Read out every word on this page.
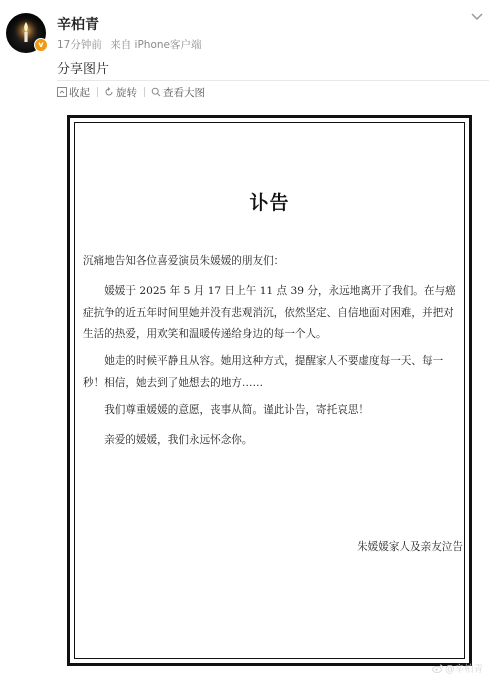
v
辛柏青
17分钟前 来自 iPhone客户端
分享图片
收起 旋转 查看大图
讣告
沉痛地告知各位喜爱演员朱媛媛的朋友们：
媛媛于 2025 年 5 月 17 日上午 11 点 39 分，永远地离开了我们。在与癌症抗争的近五年时间里她并没有悲观消沉，依然坚定、自信地面对困难，并把对生活的热爱，用欢笑和温暖传递给身边的每一个人。
她走的时候平静且从容。她用这种方式，提醒家人不要虚度每一天、每一秒！相信，她去到了她想去的地方……
我们尊重媛媛的意愿，丧事从简。谨此讣告，寄托哀思！
亲爱的媛媛，我们永远怀念你。
朱媛媛家人及亲友泣告
@辛柏青
